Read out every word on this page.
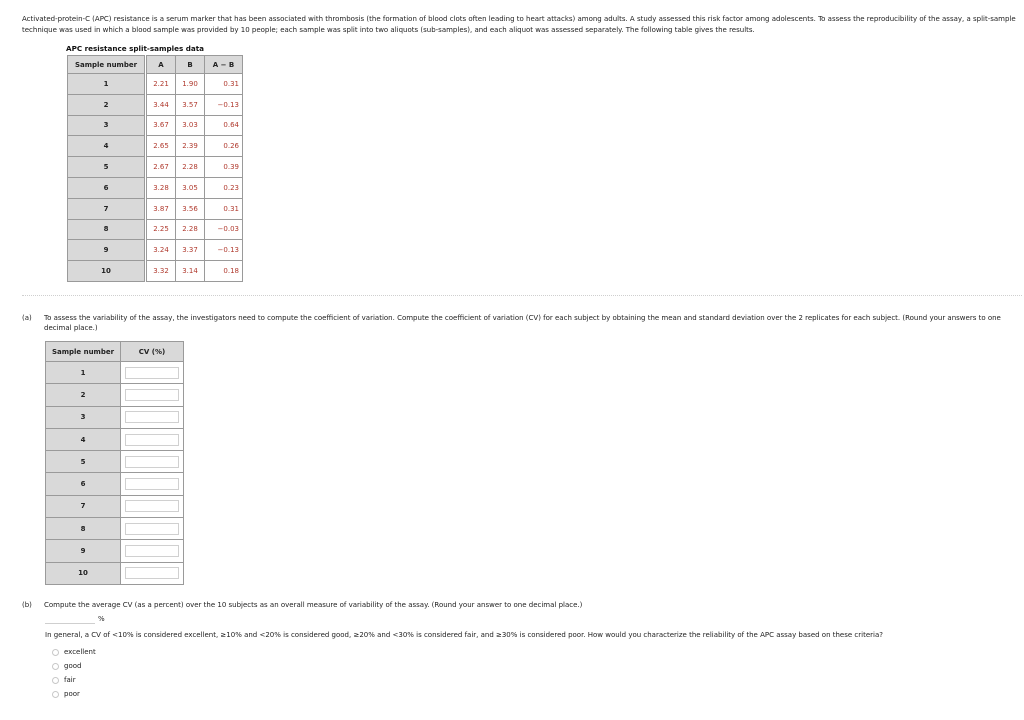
Activated-protein-C (APC) resistance is a serum marker that has been associated with thrombosis (the formation of blood clots often leading to heart attacks) among adults. A study assessed this risk factor among adolescents. To assess the reproducibility of the assay, a split-sample technique was used in which a blood sample was provided by 10 people; each sample was split into two aliquots (sub-samples), and each aliquot was assessed separately. The following table gives the results.
APC resistance split-samples data
Sample number		A	B	A − B
1		2.21	1.90	0.31
2		3.44	3.57	−0.13
3		3.67	3.03	0.64
4		2.65	2.39	0.26
5		2.67	2.28	0.39
6		3.28	3.05	0.23
7		3.87	3.56	0.31
8		2.25	2.28	−0.03
9		3.24	3.37	−0.13
10		3.32	3.14	0.18
(a) To assess the variability of the assay, the investigators need to compute the coefficient of variation. Compute the coefficient of variation (CV) for each subject by obtaining the mean and standard deviation over the 2 replicates for each subject. (Round your answers to one decimal place.)
Sample number	CV (%)
1	

2	

3	

4	

5	

6	

7	

8	

9	

10	
(b) Compute the average CV (as a percent) over the 10 subjects as an overall measure of variability of the assay. (Round your answer to one decimal place.)
%
In general, a CV of <10% is considered excellent, ≥10% and <20% is considered good, ≥20% and <30% is considered fair, and ≥30% is considered poor. How would you characterize the reliability of the APC assay based on these criteria?
excellent
good
fair
poor
